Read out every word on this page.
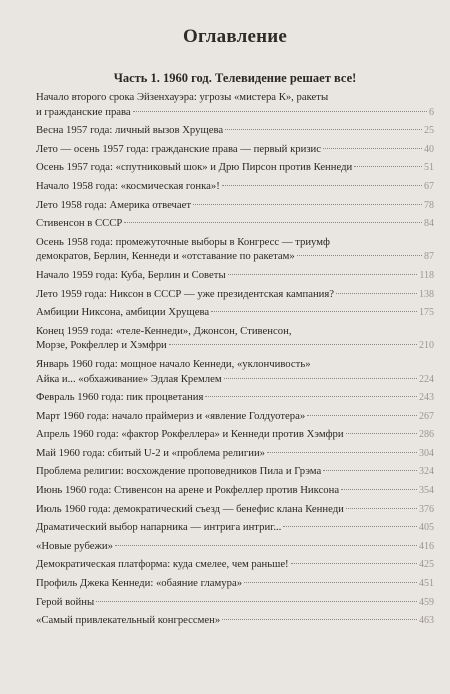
Оглавление
Часть 1. 1960 год. Телевидение решает все!
Начало второго срока Эйзенхауэра: угрозы «мистера К», ракеты
и гражданские права	6
Весна 1957 года: личный вызов Хрущева	25
Лето — осень 1957 года: гражданские права — первый кризис	40
Осень 1957 года: «спутниковый шок» и Дрю Пирсон против Кеннеди	51
Начало 1958 года: «космическая гонка»!	67
Лето 1958 года: Америка отвечает	78
Стивенсон в СССР	84
Осень 1958 года: промежуточные выборы в Конгресс — триумф
демократов, Берлин, Кеннеди и «отставание по ракетам»	87
Начало 1959 года: Куба, Берлин и Советы	118
Лето 1959 года: Никсон в СССР — уже президентская кампания?	138
Амбиции Никсона, амбиции Хрущева	175
Конец 1959 года: «теле-Кеннеди», Джонсон, Стивенсон,
Морзе, Рокфеллер и Хэмфри	210
Январь 1960 года: мощное начало Кеннеди, «уклончивость»
Айка и... «обхаживание» Эдлая Кремлем	224
Февраль 1960 года: пик процветания	243
Март 1960 года: начало праймериз и «явление Голдуотера»	267
Апрель 1960 года: «фактор Рокфеллера» и Кеннеди против Хэмфри	286
Май 1960 года: сбитый U-2 и «проблема религии»	304
Проблема религии: восхождение проповедников Пила и Грэма	324
Июнь 1960 года: Стивенсон на арене и Рокфеллер против Никсона	354
Июль 1960 года: демократический съезд — бенефис клана Кеннеди	376
Драматический выбор напарника — интрига интриг...	405
«Новые рубежи»	416
Демократическая платформа: куда смелее, чем раньше!	425
Профиль Джека Кеннеди: «обаяние гламура»	451
Герой войны	459
«Самый привлекательный конгрессмен»	463
